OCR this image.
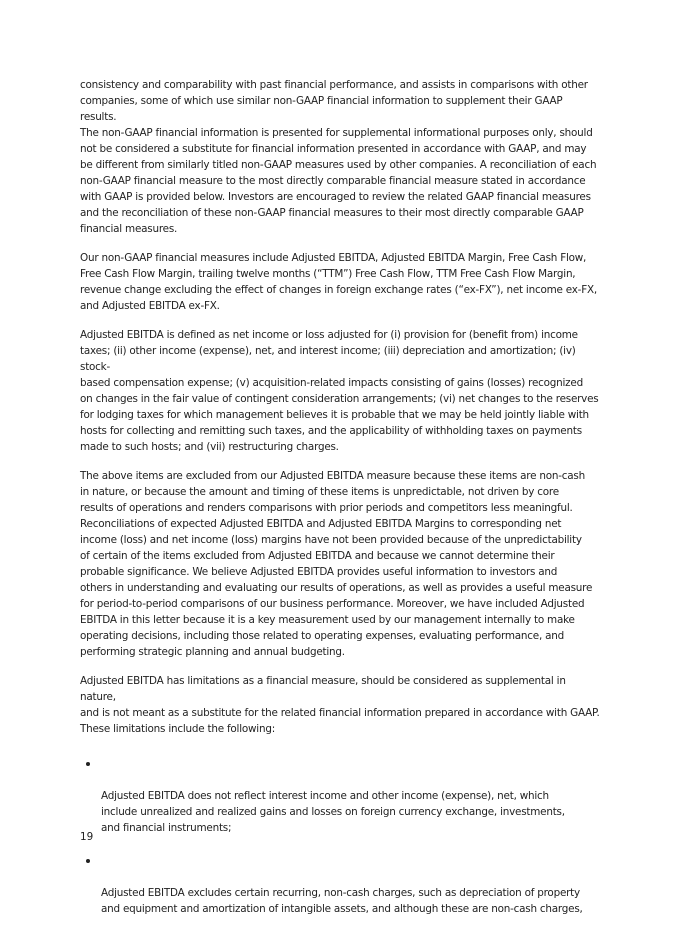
consistency and comparability with past financial performance, and assists in comparisons with other
companies, some of which use similar non-GAAP financial information to supplement their GAAP results.
The non-GAAP financial information is presented for supplemental informational purposes only, should
not be considered a substitute for financial information presented in accordance with GAAP, and may
be different from similarly titled non-GAAP measures used by other companies. A reconciliation of each
non-GAAP financial measure to the most directly comparable financial measure stated in accordance
with GAAP is provided below. Investors are encouraged to review the related GAAP financial measures
and the reconciliation of these non-GAAP financial measures to their most directly comparable GAAP
financial measures.

Our non-GAAP financial measures include Adjusted EBITDA, Adjusted EBITDA Margin, Free Cash Flow,
Free Cash Flow Margin, trailing twelve months (“TTM”) Free Cash Flow, TTM Free Cash Flow Margin,
revenue change excluding the effect of changes in foreign exchange rates (“ex-FX”), net income ex-FX,
and Adjusted EBITDA ex-FX.

Adjusted EBITDA is defined as net income or loss adjusted for (i) provision for (benefit from) income
taxes; (ii) other income (expense), net, and interest income; (iii) depreciation and amortization; (iv) stock-
based compensation expense; (v) acquisition-related impacts consisting of gains (losses) recognized
on changes in the fair value of contingent consideration arrangements; (vi) net changes to the reserves
for lodging taxes for which management believes it is probable that we may be held jointly liable with
hosts for collecting and remitting such taxes, and the applicability of withholding taxes on payments
made to such hosts; and (vii) restructuring charges.

The above items are excluded from our Adjusted EBITDA measure because these items are non-cash
in nature, or because the amount and timing of these items is unpredictable, not driven by core
results of operations and renders comparisons with prior periods and competitors less meaningful.
Reconciliations of expected Adjusted EBITDA and Adjusted EBITDA Margins to corresponding net
income (loss) and net income (loss) margins have not been provided because of the unpredictability
of certain of the items excluded from Adjusted EBITDA and because we cannot determine their
probable significance. We believe Adjusted EBITDA provides useful information to investors and
others in understanding and evaluating our results of operations, as well as provides a useful measure
for period-to-period comparisons of our business performance. Moreover, we have included Adjusted
EBITDA in this letter because it is a key measurement used by our management internally to make
operating decisions, including those related to operating expenses, evaluating performance, and
performing strategic planning and annual budgeting.

Adjusted EBITDA has limitations as a financial measure, should be considered as supplemental in nature,
and is not meant as a substitute for the related financial information prepared in accordance with GAAP.
These limitations include the following:

Adjusted EBITDA does not reflect interest income and other income (expense), net, which
include unrealized and realized gains and losses on foreign currency exchange, investments,
and financial instruments;

Adjusted EBITDA excludes certain recurring, non-cash charges, such as depreciation of property
and equipment and amortization of intangible assets, and although these are non-cash charges,

19
